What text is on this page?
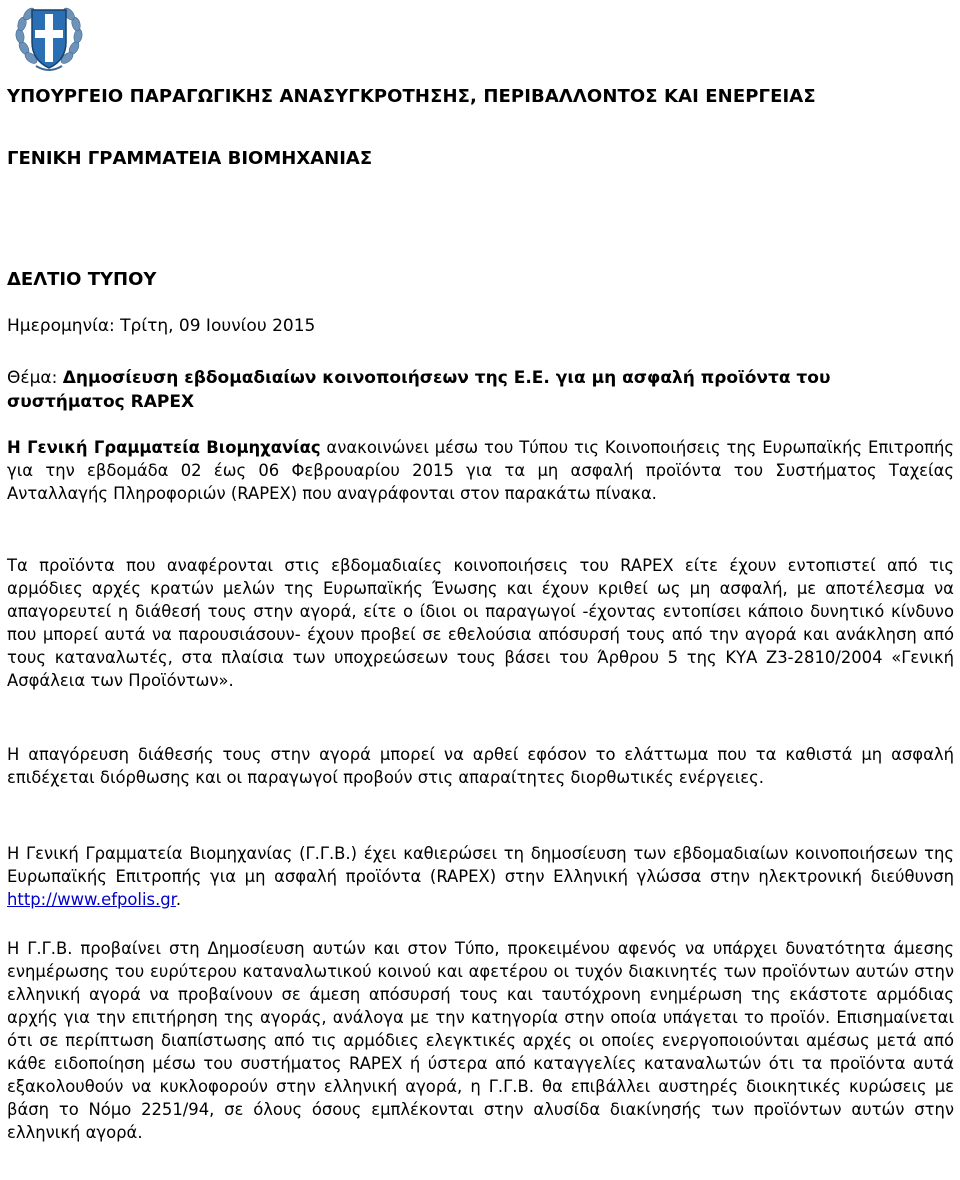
ΥΠΟΥΡΓΕΙΟ ΠΑΡΑΓΩΓΙΚΗΣ ΑΝΑΣΥΓΚΡΟΤΗΣΗΣ, ΠΕΡΙΒΑΛΛΟΝΤΟΣ ΚΑΙ ΕΝΕΡΓΕΙΑΣ

ΓΕΝΙΚΗ ΓΡΑΜΜΑΤΕΙΑ ΒΙΟΜΗΧΑΝΙΑΣ

ΔΕΛΤΙΟ ΤΥΠΟΥ

Ημερομηνία: Τρίτη, 09 Ιουνίου 2015

Θέμα: Δημοσίευση εβδομαδιαίων κοινοποιήσεων της Ε.Ε. για μη ασφαλή προϊόντα του συστήματος RAPEX

Η Γενική Γραμματεία Βιομηχανίας ανακοινώνει μέσω του Τύπου τις Κοινοποιήσεις της Ευρωπαϊκής Επιτροπής για την εβδομάδα 02 έως 06 Φεβρουαρίου 2015 για τα μη ασφαλή προϊόντα του Συστήματος Ταχείας Ανταλλαγής Πληροφοριών (RAPEX) που αναγράφονται στον παρακάτω πίνακα.

Τα προϊόντα που αναφέρονται στις εβδομαδιαίες κοινοποιήσεις του RAPEX είτε έχουν εντοπιστεί από τις αρμόδιες αρχές κρατών μελών της Ευρωπαϊκής Ένωσης και έχουν κριθεί ως μη ασφαλή, με αποτέλεσμα να απαγορευτεί η διάθεσή τους στην αγορά, είτε ο ίδιοι οι παραγωγοί -έχοντας εντοπίσει κάποιο δυνητικό κίνδυνο που μπορεί αυτά να παρουσιάσουν- έχουν προβεί σε εθελούσια απόσυρσή τους από την αγορά και ανάκληση από τους καταναλωτές, στα πλαίσια των υποχρεώσεων τους βάσει του Άρθρου 5 της ΚΥΑ Ζ3-2810/2004 «Γενική Ασφάλεια των Προϊόντων».

Η απαγόρευση διάθεσής τους στην αγορά μπορεί να αρθεί εφόσον το ελάττωμα που τα καθιστά μη ασφαλή επιδέχεται διόρθωσης και οι παραγωγοί προβούν στις απαραίτητες διορθωτικές ενέργειες.

Η Γενική Γραμματεία Βιομηχανίας (Γ.Γ.Β.) έχει καθιερώσει τη δημοσίευση των εβδομαδιαίων κοινοποιήσεων της Ευρωπαϊκής Επιτροπής για μη ασφαλή προϊόντα (RAPEX) στην Ελληνική γλώσσα στην ηλεκτρονική διεύθυνση http://www.efpolis.gr.

Η Γ.Γ.Β. προβαίνει στη Δημοσίευση αυτών και στον Τύπο, προκειμένου αφενός να υπάρχει δυνατότητα άμεσης ενημέρωσης του ευρύτερου καταναλωτικού κοινού και αφετέρου οι τυχόν διακινητές των προϊόντων αυτών στην ελληνική αγορά να προβαίνουν σε άμεση απόσυρσή τους και ταυτόχρονη ενημέρωση της εκάστοτε αρμόδιας αρχής για την επιτήρηση της αγοράς, ανάλογα με την κατηγορία στην οποία υπάγεται το προϊόν. Επισημαίνεται ότι σε περίπτωση διαπίστωσης από τις αρμόδιες ελεγκτικές αρχές οι οποίες ενεργοποιούνται αμέσως μετά από κάθε ειδοποίηση μέσω του συστήματος RAPEX ή ύστερα από καταγγελίες καταναλωτών ότι τα προϊόντα αυτά εξακολουθούν να κυκλοφορούν στην ελληνική αγορά, η Γ.Γ.Β. θα επιβάλλει αυστηρές διοικητικές κυρώσεις με βάση το Νόμο 2251/94, σε όλους όσους εμπλέκονται στην αλυσίδα διακίνησής των προϊόντων αυτών στην ελληνική αγορά.
